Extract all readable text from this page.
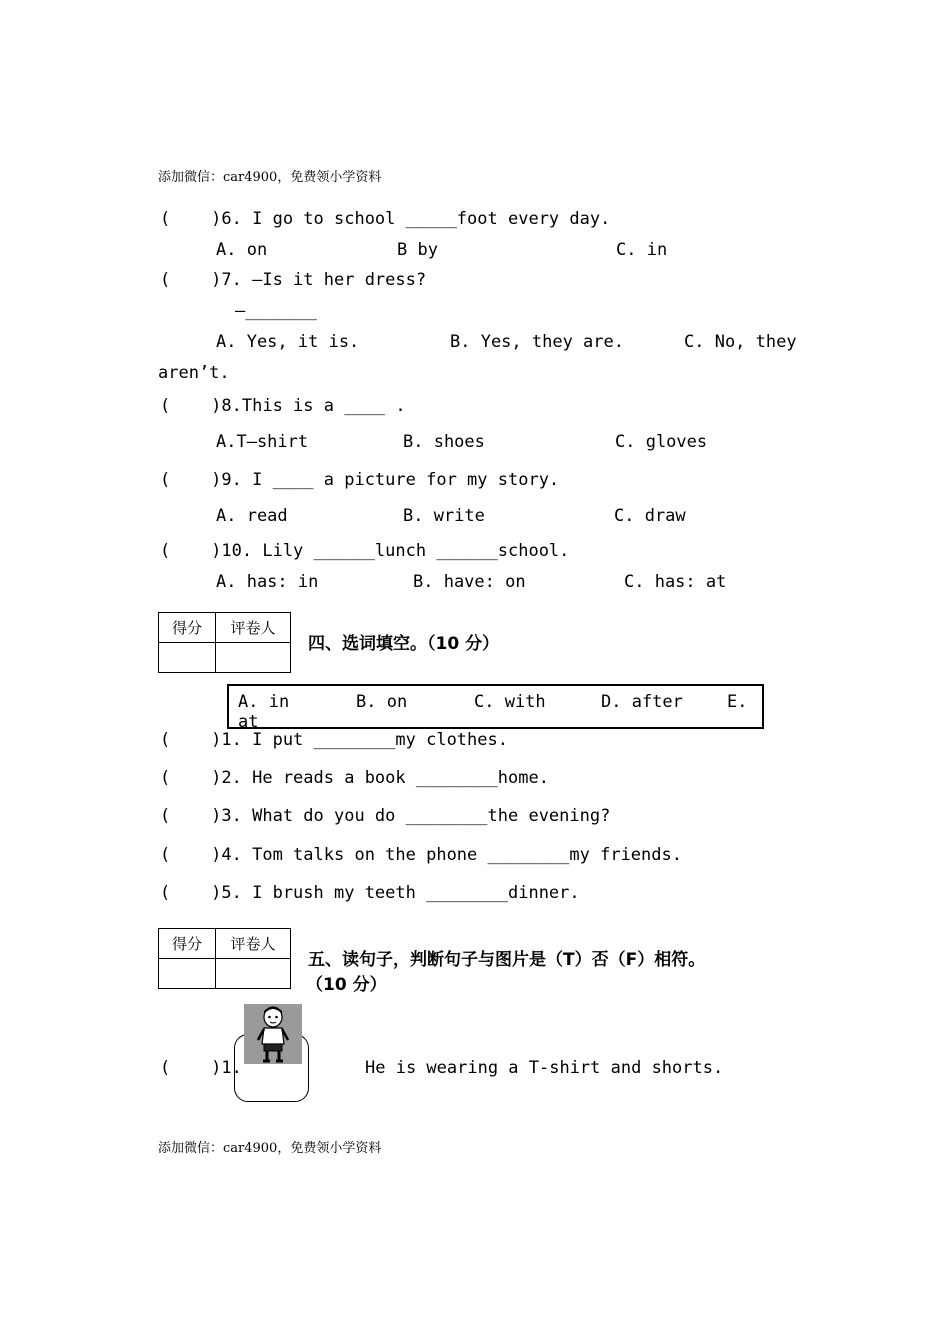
添加微信：car4900，免费领小学资料
(    )6. I go to school _____foot every day.
A. on	B by	C. in
(    )7. —Is it her dress?
—_______
A. Yes, it is.	B. Yes, they are.	C. No, they
aren’t.
(    )8.This is a ____ .
A.T—shirt	B. shoes	C. gloves
(    )9. I ____ a picture for my story.
A. read	B. write	C. draw
(    )10. Lily ______lunch ______school.
A. has: in	B. have: on	C. has: at
得分	评卷人

四、选词填空。（10 分）
A. in	B. on	C. with	D. after	E.
at
(    )1. I put ________my clothes.
(    )2. He reads a book ________home.
(    )3. What do you do ________the evening?
(    )4. Tom talks on the phone ________my friends.
(    )5. I brush my teeth ________dinner.
得分	评卷人

五、读句子，判断句子与图片是（T）否（F）相符。
（10 分）
(    )1.	He is wearing a T-shirt and shorts.
添加微信：car4900，免费领小学资料
